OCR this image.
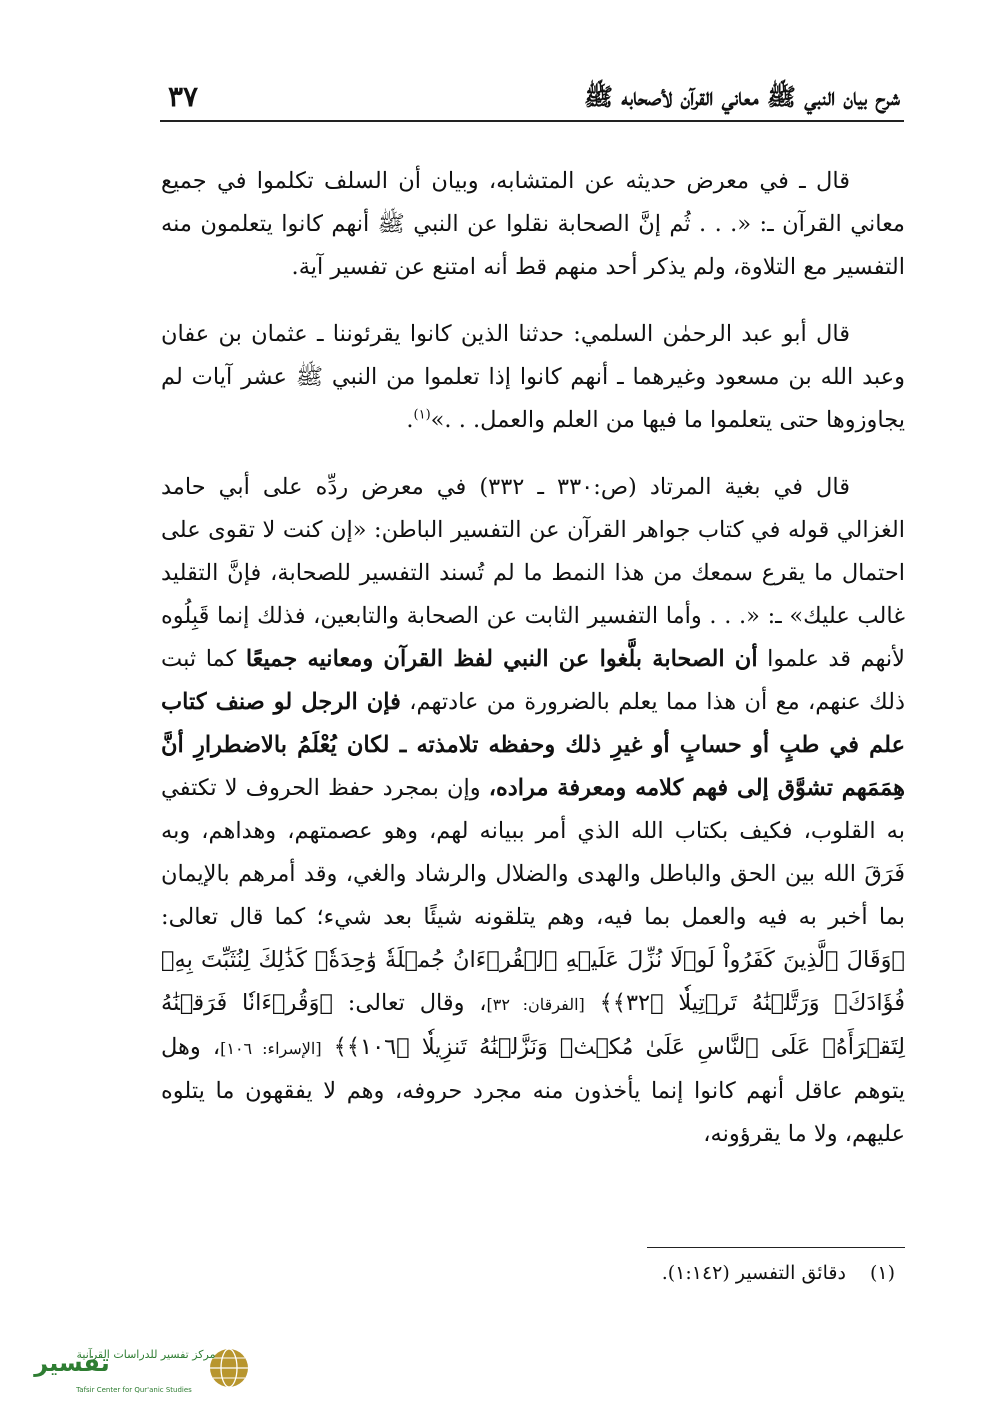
شرح بيان النبي ﷺ معاني القرآن لأصحابه ﷺ
٣٧

قال ـ في معرض حديثه عن المتشابه، وبيان أن السلف تكلموا في جميع معاني القرآن ـ: «. . . ثُم إنَّ الصحابة نقلوا عن النبي ﷺ أنهم كانوا يتعلمون منه التفسير مع التلاوة، ولم يذكر أحد منهم قط أنه امتنع عن تفسير آية.

قال أبو عبد الرحمٰن السلمي: حدثنا الذين كانوا يقرئوننا ـ عثمان بن عفان وعبد الله بن مسعود وغيرهما ـ أنهم كانوا إذا تعلموا من النبي ﷺ عشر آيات لم يجاوزوها حتى يتعلموا ما فيها من العلم والعمل. . .»$^{(١)}$.

قال في بغية المرتاد (ص:٣٣٠ ـ ٣٣٢) في معرض ردِّه على أبي حامد الغزالي قوله في كتاب جواهر القرآن عن التفسير الباطن: «إن كنت لا تقوى على احتمال ما يقرع سمعك من هذا النمط ما لم تُسند التفسير للصحابة، فإنَّ التقليد غالب عليك» ـ: «. . . وأما التفسير الثابت عن الصحابة والتابعين، فذلك إنما قَبِلُوه لأنهم قد علموا أن الصحابة بلَّغوا عن النبي لفظ القرآن ومعانيه جميعًا كما ثبت ذلك عنهم، مع أن هذا مما يعلم بالضرورة من عادتهم، فإن الرجل لو صنف كتاب علم في طبٍ أو حسابٍ أو غيرِ ذلك وحفظه تلامذته ـ لكان يُعْلَمُ بالاضطرارِ أنَّ هِمَمَهم تشوَّق إلى فهم كلامه ومعرفة مراده، وإن بمجرد حفظ الحروف لا تكتفي به القلوب، فكيف بكتاب الله الذي أمر ببيانه لهم، وهو عصمتهم، وهداهم، وبه فَرَقَ الله بين الحق والباطل والهدى والضلال والرشاد والغي، وقد أمرهم بالإيمان بما أخبر به فيه والعمل بما فيه، وهم يتلقونه شيئًا بعد شيء؛ كما قال تعالى: ﴿وَقَالَ ٱلَّذِينَ كَفَرُواْ لَوۡلَا نُزِّلَ عَلَيۡهِ ٱلۡقُرۡءَانُ جُمۡلَةٗ وَٰحِدَةٗۚ كَذَٰلِكَ لِنُثَبِّتَ بِهِۦ فُؤَادَكَۖ وَرَتَّلۡنَٰهُ تَرۡتِيلٗا ﴿٣٢﴾﴾ [الفرقان: ٣٢]، وقال تعالى: ﴿وَقُرۡءَانٗا فَرَقۡنَٰهُ لِتَقۡرَأَهُۥ عَلَى ٱلنَّاسِ عَلَىٰ مُكۡثٖ وَنَزَّلۡنَٰهُ تَنزِيلٗا ﴿١٠٦﴾﴾ [الإسراء: ١٠٦]، وهل يتوهم عاقل أنهم كانوا إنما يأخذون منه مجرد حروفه، وهم لا يفقهون ما يتلوه عليهم، ولا ما يقرؤونه،

(١)دقائق التفسير (١:١٤٢).
تفسير
مركز تفسير للدراسات القرآنية
Tafsir Center for Qur'anic Studies
